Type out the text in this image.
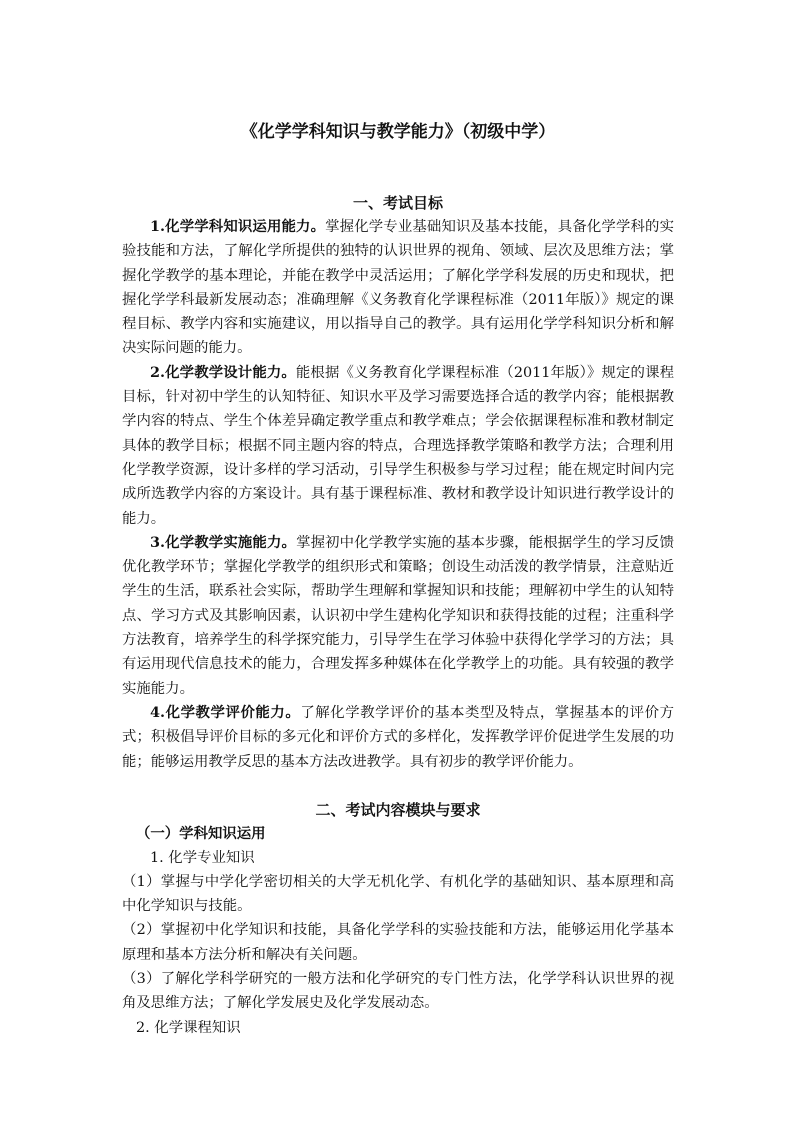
《化学学科知识与教学能力》（初级中学）
一、考试目标

1.化学学科知识运用能力。掌握化学专业基础知识及基本技能，具备化学学科的实验技能和方法，了解化学所提供的独特的认识世界的视角、领域、层次及思维方法；掌握化学教学的基本理论，并能在教学中灵活运用；了解化学学科发展的历史和现状，把握化学学科最新发展动态；准确理解《义务教育化学课程标准（2011年版）》规定的课程目标、教学内容和实施建议，用以指导自己的教学。具有运用化学学科知识分析和解决实际问题的能力。

2.化学教学设计能力。能根据《义务教育化学课程标准（2011年版）》规定的课程目标，针对初中学生的认知特征、知识水平及学习需要选择合适的教学内容；能根据教学内容的特点、学生个体差异确定教学重点和教学难点；学会依据课程标准和教材制定具体的教学目标；根据不同主题内容的特点，合理选择教学策略和教学方法；合理利用化学教学资源，设计多样的学习活动，引导学生积极参与学习过程；能在规定时间内完成所选教学内容的方案设计。具有基于课程标准、教材和教学设计知识进行教学设计的能力。

3.化学教学实施能力。掌握初中化学教学实施的基本步骤，能根据学生的学习反馈优化教学环节；掌握化学教学的组织形式和策略；创设生动活泼的教学情景，注意贴近学生的生活，联系社会实际，帮助学生理解和掌握知识和技能；理解初中学生的认知特点、学习方式及其影响因素，认识初中学生建构化学知识和获得技能的过程；注重科学方法教育，培养学生的科学探究能力，引导学生在学习体验中获得化学学习的方法；具有运用现代信息技术的能力，合理发挥多种媒体在化学教学上的功能。具有较强的教学实施能力。

4.化学教学评价能力。了解化学教学评价的基本类型及特点，掌握基本的评价方式；积极倡导评价目标的多元化和评价方式的多样化，发挥教学评价促进学生发展的功能；能够运用教学反思的基本方法改进教学。具有初步的教学评价能力。

二、考试内容模块与要求
（一）学科知识运用
1. 化学专业知识

（1）掌握与中学化学密切相关的大学无机化学、有机化学的基础知识、基本原理和高中化学知识与技能。

（2）掌握初中化学知识和技能，具备化学学科的实验技能和方法，能够运用化学基本原理和基本方法分析和解决有关问题。

（3）了解化学科学研究的一般方法和化学研究的专门性方法，化学学科认识世界的视角及思维方法；了解化学发展史及化学发展动态。

2. 化学课程知识
